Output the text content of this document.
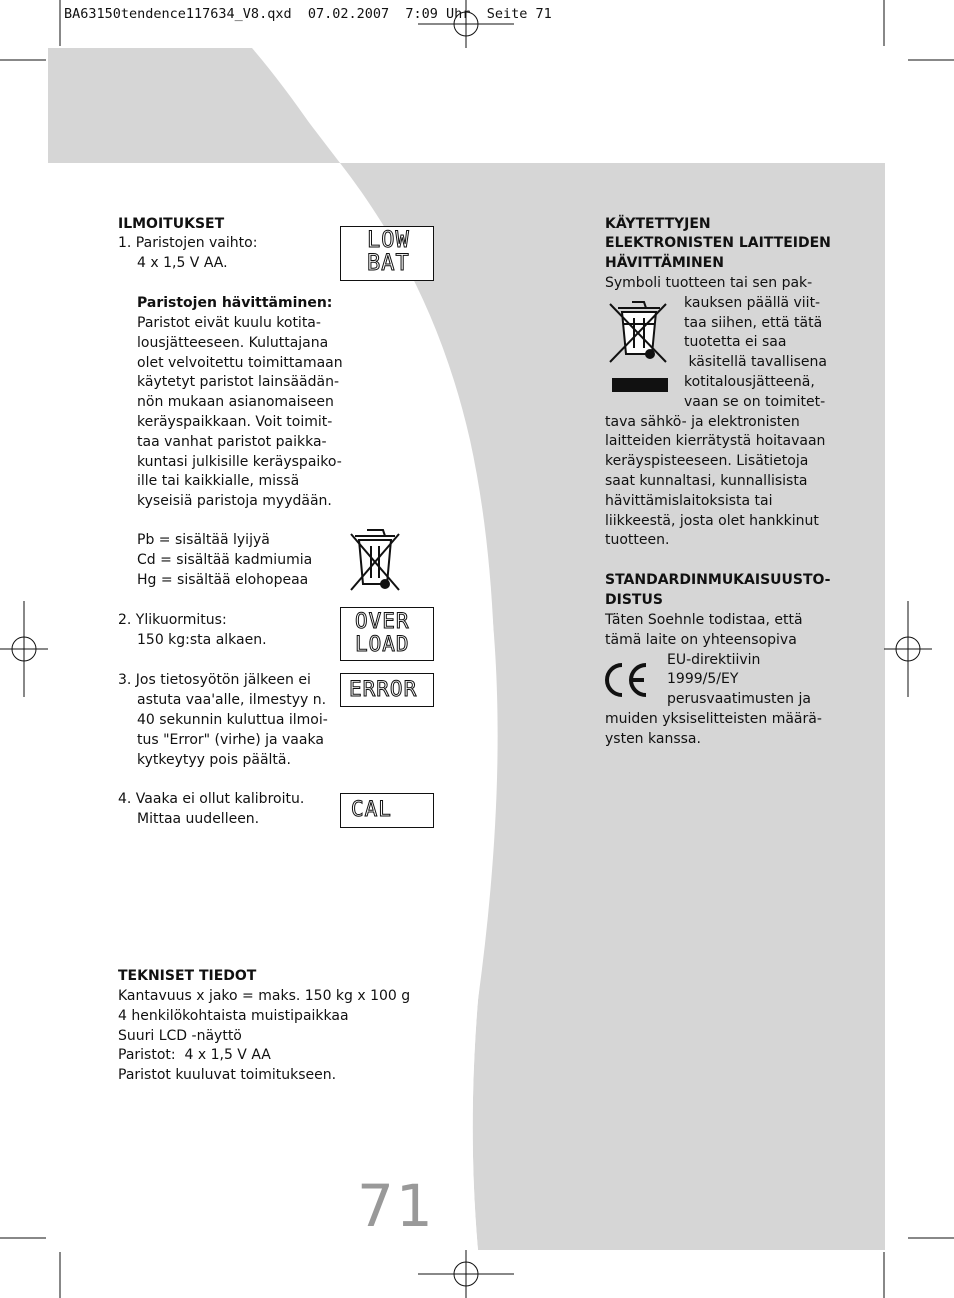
BA63150tendence117634_V8.qxd 07.02.2007 7:09 Uhr Seite 71
ILMOITUKSET
1. Paristojen vaihto:
4 x 1,5 V AA.
Paristojen hävittäminen:
Paristot eivät kuulu kotita-
lousjätteeseen. Kuluttajana
olet velvoitettu toimittamaan
käytetyt paristot lainsäädän-
nön mukaan asianomaiseen
keräyspaikkaan. Voit toimit-
taa vanhat paristot paikka-
kuntasi julkisille keräyspaiko-
ille tai kaikkialle, missä
kyseisiä paristoja myydään.
Pb = sisältää lyijyä
Cd = sisältää kadmiumia
Hg = sisältää elohopeaa
2. Ylikuormitus:
150 kg:sta alkaen.
3. Jos tietosyötön jälkeen ei
astuta vaa'alle, ilmestyy n.
40 sekunnin kuluttua ilmoi-
tus "Error" (virhe) ja vaaka
kytkeytyy pois päältä.
4. Vaaka ei ollut kalibroitu.
Mittaa uudelleen.
LOW
BAT
OVER
LOAD
ERROR
CAL
TEKNISET TIEDOT
Kantavuus x jako = maks. 150 kg x 100 g
4 henkilökohtaista muistipaikkaa
Suuri LCD -näyttö
Paristot:  4 x 1,5 V AA
Paristot kuuluvat toimitukseen.
KÄYTETTYJEN
ELEKTRONISTEN LAITTEIDEN
HÄVITTÄMINEN
Symboli tuotteen tai sen pak-
kauksen päällä viit-
taa siihen, että tätä
tuotetta ei saa
käsitellä tavallisena
kotitalousjätteenä,
vaan se on toimitet-
tava sähkö- ja elektronisten
laitteiden kierrätystä hoitavaan
keräyspisteeseen. Lisätietoja
saat kunnaltasi, kunnallisista
hävittämislaitoksista tai
liikkeestä, josta olet hankkinut
tuotteen.
STANDARDINMUKAISUUSTO-
DISTUS
Täten Soehnle todistaa, että
tämä laite on yhteensopiva
EU-direktiivin
1999/5/EY
perusvaatimusten ja
muiden yksiselitteisten määrä-
ysten kanssa.
71
